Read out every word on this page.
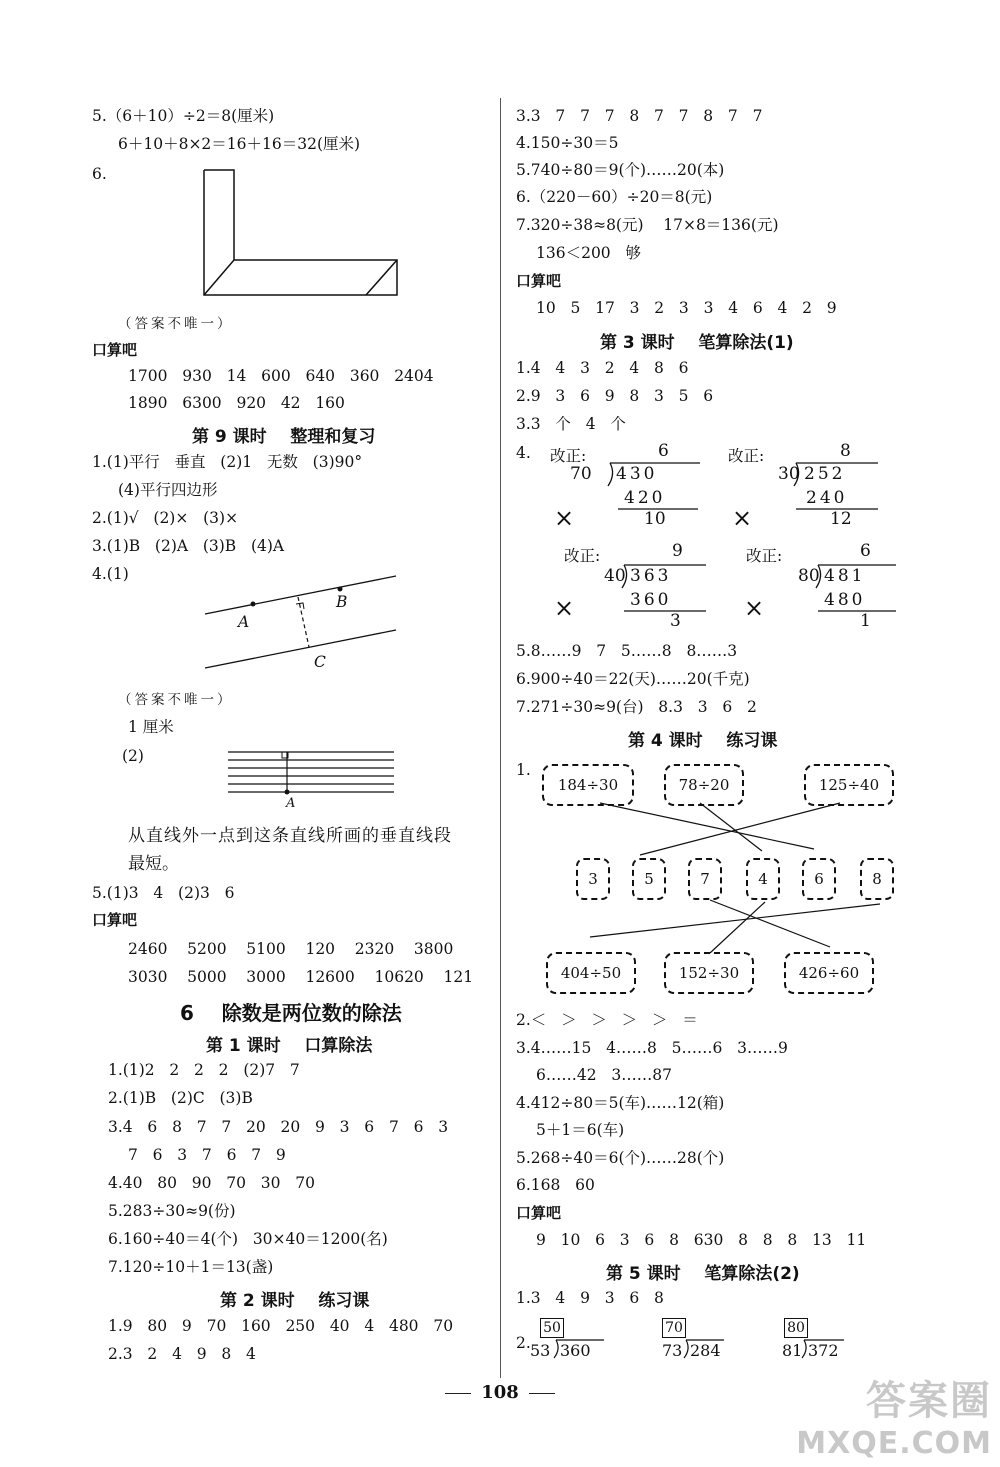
5.（6＋10）÷2＝8(厘米)
6＋10＋8×2＝16＋16＝32(厘米)
6.
（答案不唯一）
口算吧
1700   930   14   600   640   360   2404
1890   6300   920   42   160
第 9 课时    整理和复习
1.(1)平行   垂直   (2)1   无数   (3)90°
(4)平行四边形
2.(1)√   (2)×   (3)×
3.(1)B   (2)A   (3)B   (4)A
4.(1)
A
B
C
（答案不唯一）
1 厘米
(2)
A
从直线外一点到这条直线所画的垂直线段
最短。
5.(1)3   4   (2)3   6
口算吧
2460    5200    5100    120    2320    3800
3030    5000    3000    12600    10620    121
6    除数是两位数的除法
第 1 课时    口算除法
1.(1)2   2   2   2   (2)7   7
2.(1)B   (2)C   (3)B
3.4   6   8   7   7   20   20   9   3   6   7   6   3
7   6   3   7   6   7   9
4.40   80   90   70   30   70
5.283÷30≈9(份)
6.160÷40＝4(个)   30×40＝1200(名)
7.120÷10＋1＝13(盏)
第 2 课时    练习课
1.9   80   9   70   160   250   40   4   480   70
2.3   2   4   9   8   4
3.3   7   7   7   8   7   7   8   7   7
4.150÷30＝5
5.740÷80＝9(个)……20(本)
6.（220－60）÷20＝8(元)
7.320÷38≈8(元)    17×8＝136(元)
136＜200   够
口算吧
10   5   17   3   2   3   3   4   6   4   2   9
第 3 课时    笔算除法(1)
1.4   4   3   2   4   8   6
2.9   3   6   9   8   3   5   6
3.3   个   4   个
4. 改正:	6
70 430
420
10
×
改正:	8
30 252
240
12
×
改正:	9
40 363
360
3
×
改正:	6
80 481
480
1
×
5.8……9   7   5……8   8……3
6.900÷40＝22(天)……20(千克)
7.271÷30≈9(台)   8.3   3   6   2
第 4 课时    练习课
1.
184÷30	78÷20	125÷40
3	5	7	4	6	8
404÷50	152÷30	426÷60
2.＜   ＞   ＞   ＞   ＞   ＝
3.4……15   4……8   5……6   3……9
6……42   3……87
4.412÷80＝5(车)……12(箱)
5＋1＝6(车)
5.268÷40＝6(个)……28(个)
6.168   60
口算吧
9   10   6   3   6   8   630   8   8   8   13   11
第 5 课时    笔算除法(2)
1.3   4   9   3   6   8
2.
50
53 360
70
73 284
80
81 372
108	答案圈
MXQE.COM
